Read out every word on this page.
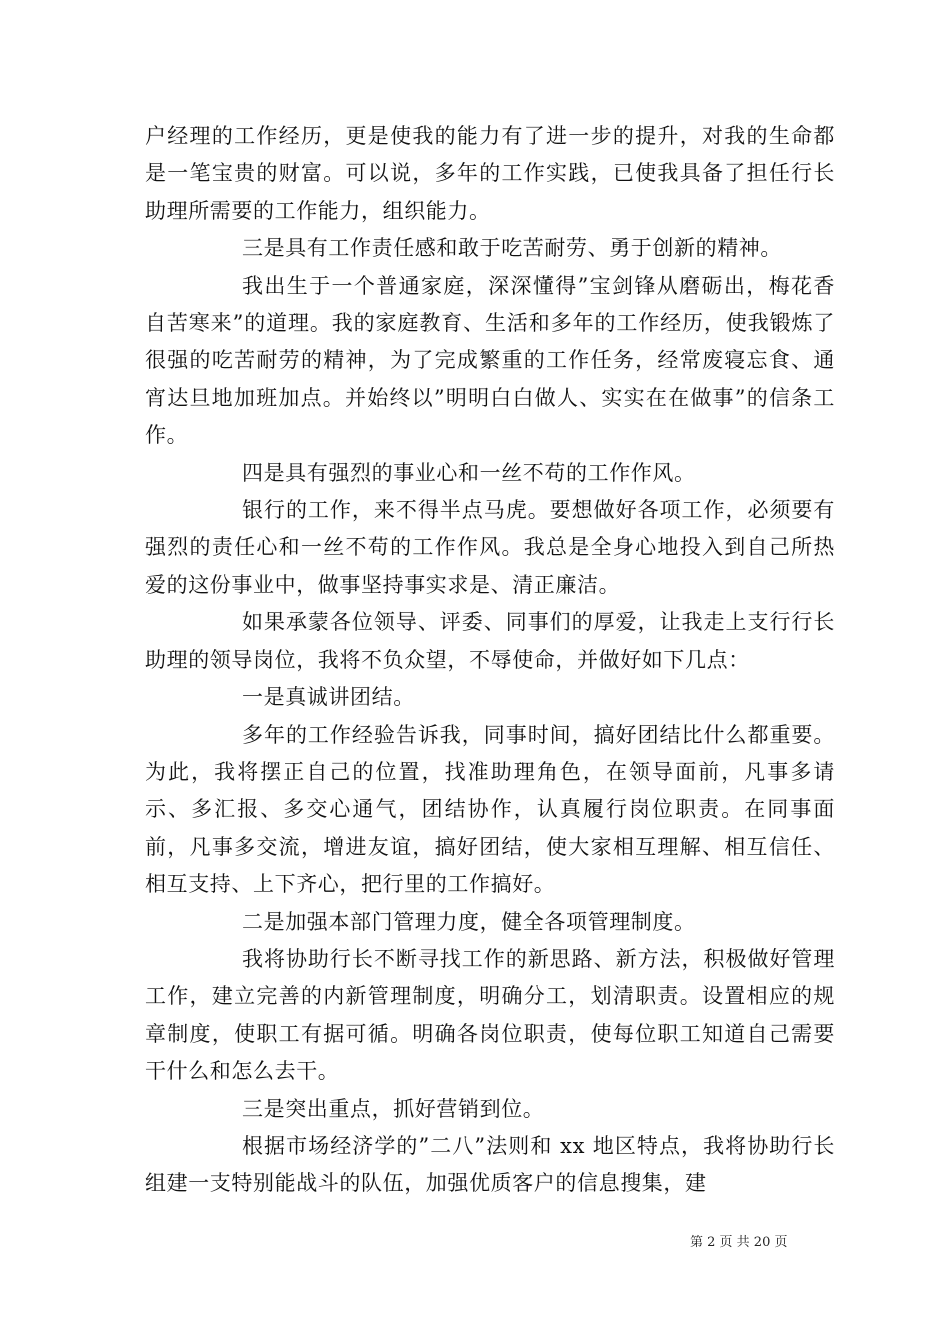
户经理的工作经历，更是使我的能力有了进一步的提升，对我的生命都是一笔宝贵的财富。可以说，多年的工作实践，已使我具备了担任行长助理所需要的工作能力，组织能力。

三是具有工作责任感和敢于吃苦耐劳、勇于创新的精神。

我出生于一个普通家庭，深深懂得”宝剑锋从磨砺出，梅花香自苦寒来”的道理。我的家庭教育、生活和多年的工作经历，使我锻炼了很强的吃苦耐劳的精神，为了完成繁重的工作任务，经常废寝忘食、通宵达旦地加班加点。并始终以”明明白白做人、实实在在做事”的信条工作。

四是具有强烈的事业心和一丝不苟的工作作风。

银行的工作，来不得半点马虎。要想做好各项工作，必须要有强烈的责任心和一丝不苟的工作作风。我总是全身心地投入到自己所热爱的这份事业中，做事坚持事实求是、清正廉洁。

如果承蒙各位领导、评委、同事们的厚爱，让我走上支行行长助理的领导岗位，我将不负众望，不辱使命，并做好如下几点：

一是真诚讲团结。

多年的工作经验告诉我，同事时间，搞好团结比什么都重要。为此，我将摆正自己的位置，找准助理角色，在领导面前，凡事多请示、多汇报、多交心通气，团结协作，认真履行岗位职责。在同事面前，凡事多交流，增进友谊，搞好团结，使大家相互理解、相互信任、相互支持、上下齐心，把行里的工作搞好。

二是加强本部门管理力度，健全各项管理制度。

我将协助行长不断寻找工作的新思路、新方法，积极做好管理工作，建立完善的内新管理制度，明确分工，划清职责。设置相应的规章制度，使职工有据可循。明确各岗位职责，使每位职工知道自己需要干什么和怎么去干。

三是突出重点，抓好营销到位。

根据市场经济学的”二八”法则和 xx 地区特点，我将协助行长组建一支特别能战斗的队伍，加强优质客户的信息搜集，建

第 2 页 共 20 页
